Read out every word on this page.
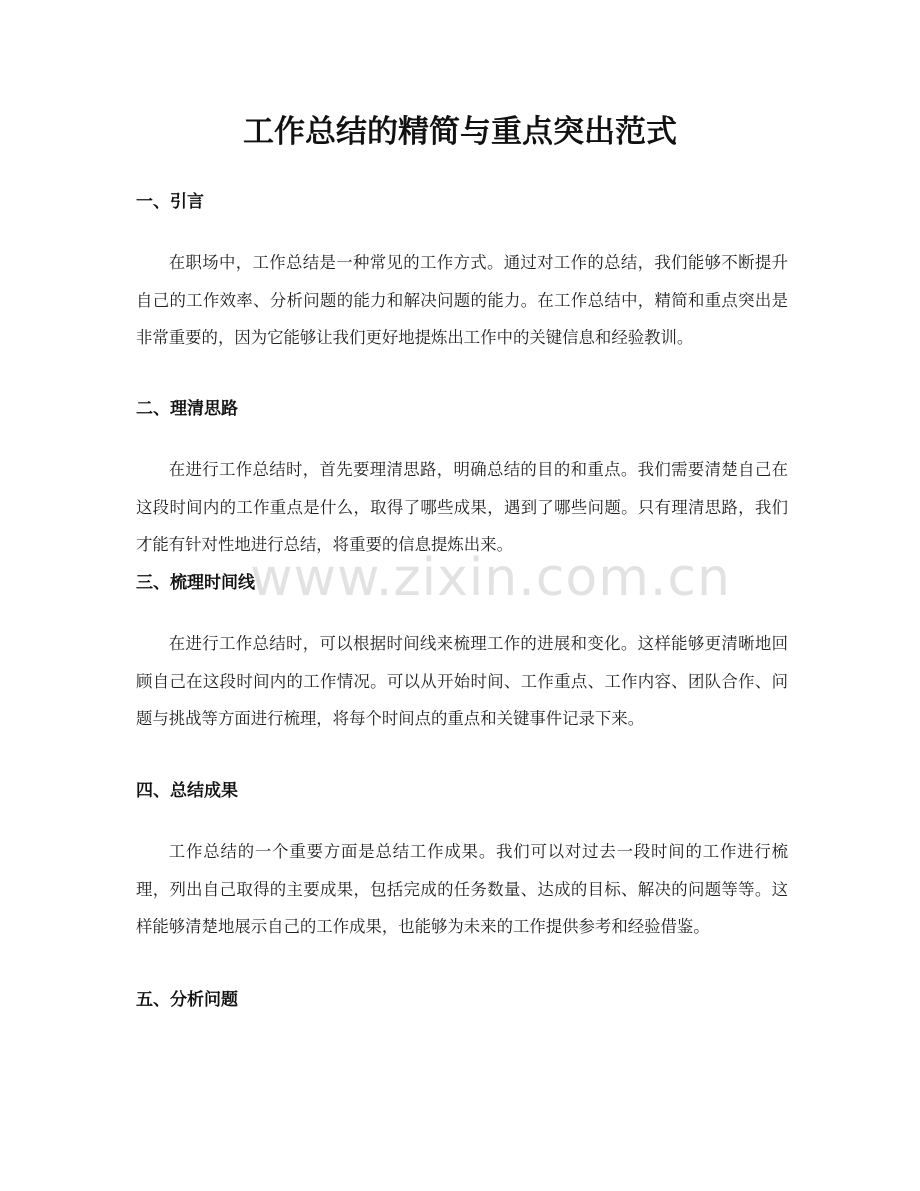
工作总结的精简与重点突出范式
一、引言

在职场中，工作总结是一种常见的工作方式。通过对工作的总结，我们能够不断提升自己的工作效率、分析问题的能力和解决问题的能力。在工作总结中，精简和重点突出是非常重要的，因为它能够让我们更好地提炼出工作中的关键信息和经验教训。

二、理清思路

在进行工作总结时，首先要理清思路，明确总结的目的和重点。我们需要清楚自己在这段时间内的工作重点是什么，取得了哪些成果，遇到了哪些问题。只有理清思路，我们才能有针对性地进行总结，将重要的信息提炼出来。

三、梳理时间线

在进行工作总结时，可以根据时间线来梳理工作的进展和变化。这样能够更清晰地回顾自己在这段时间内的工作情况。可以从开始时间、工作重点、工作内容、团队合作、问题与挑战等方面进行梳理，将每个时间点的重点和关键事件记录下来。

四、总结成果

工作总结的一个重要方面是总结工作成果。我们可以对过去一段时间的工作进行梳理，列出自己取得的主要成果，包括完成的任务数量、达成的目标、解决的问题等等。这样能够清楚地展示自己的工作成果，也能够为未来的工作提供参考和经验借鉴。

五、分析问题
www.zixin.com.cn
